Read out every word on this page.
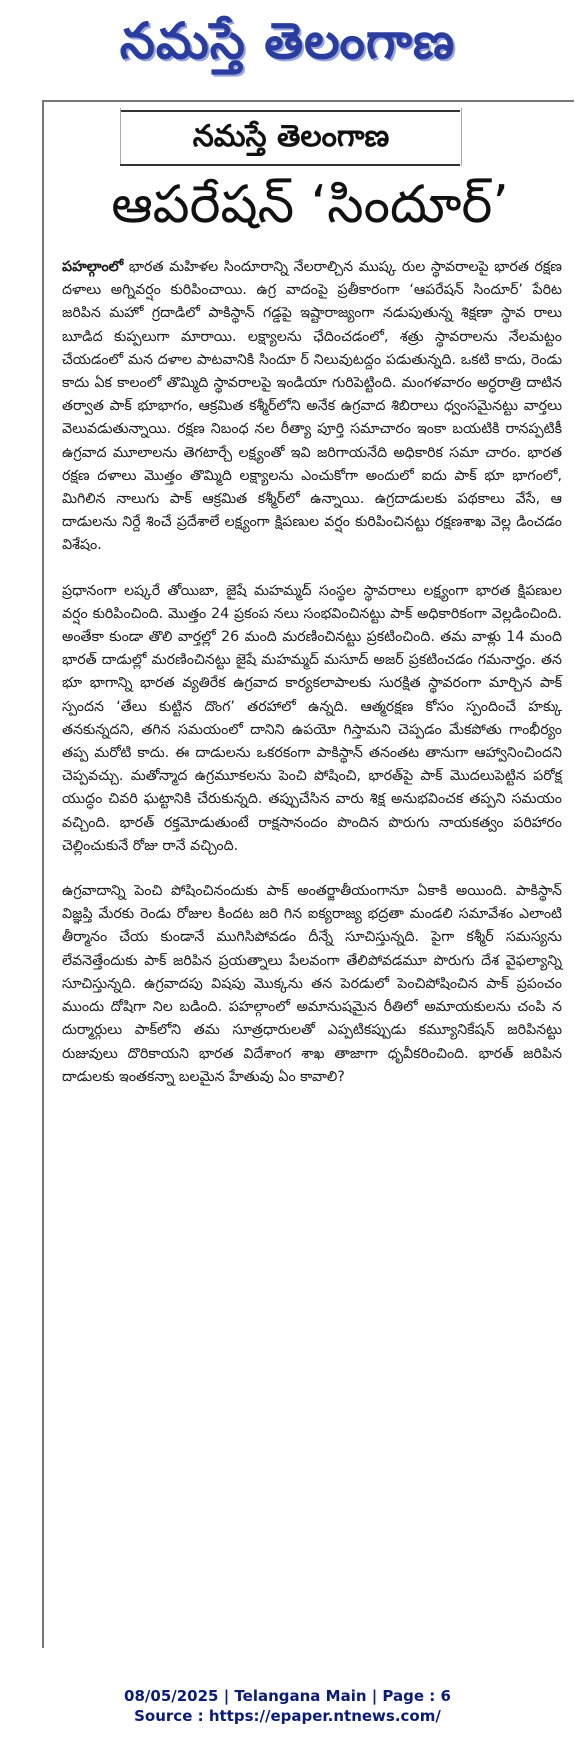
నమస్తే తెలంగాణ
నమస్తే తెలంగాణ
ఆపరేషన్ ‘సిందూర్’

పహల్గాంలో భారత మహిళల సిందూరాన్ని నేలరాల్చిన ముష్క రుల స్థావరాలపై భారత రక్షణ దళాలు అగ్నివర్షం కురిపించాయి. ఉగ్ర వాదంపై ప్రతీకారంగా ‘ఆపరేషన్ సిందూర్’ పేరిట జరిపిన మహో గ్రదాడిలో పాకిస్థాన్ గడ్డపై ఇష్టారాజ్యంగా నడుపుతున్న శిక్షణా స్థావ రాలు బూడిద కుప్పలుగా మారాయి. లక్ష్యాలను ఛేదించడంలో, శత్రు స్థావరాలను నేలమట్టం చేయడంలో మన దళాల పాటవానికి సిందూ ర్ నిలువుటద్దం పడుతున్నది. ఒకటి కాదు, రెండు కాదు ఏక కాలంలో తొమ్మిది స్థావరాలపై ఇండియా గురిపెట్టింది. మంగళవారం అర్ధరాత్రి దాటిన తర్వాత పాక్ భూభాగం, ఆక్రమిత కశ్మీర్‌లోని అనేక ఉగ్రవాద శిబిరాలు ధ్వంసమైనట్టు వార్తలు వెలువడుతున్నాయి. రక్షణ నిబంధ నల రీత్యా పూర్తి సమాచారం ఇంకా బయటికి రానప్పటికీ ఉగ్రవాద మూలాలను తెగటార్చే లక్ష్యంతో ఇవి జరిగాయనేది అధికారిక సమా చారం. భారత రక్షణ దళాలు మొత్తం తొమ్మిది లక్ష్యాలను ఎంచుకోగా అందులో ఐదు పాక్ భూ భాగంలో, మిగిలిన నాలుగు పాక్ ఆక్రమిత కశ్మీర్‌లో ఉన్నాయి. ఉగ్రదాడులకు పథకాలు వేసే, ఆ దాడులను నిర్దే శించే ప్రదేశాలే లక్ష్యంగా క్షిపణుల వర్షం కురిపించినట్టు రక్షణశాఖ వెల్ల డించడం విశేషం.

ప్రధానంగా లష్కరే తోయిబా, జైషే మహమ్మద్ సంస్థల స్థావరాలు లక్ష్యంగా భారత క్షిపణుల వర్షం కురిపించింది. మొత్తం 24 ప్రకంప నలు సంభవించినట్టు పాక్ అధికారికంగా వెల్లడించింది. అంతేకా కుండా తొలి వార్తల్లో 26 మంది మరణించినట్టు ప్రకటించింది. తమ వాళ్లు 14 మంది భారత్ దాడుల్లో మరణించినట్టు జైషే మహమ్మద్ మసూద్ అజర్ ప్రకటించడం గమనార్హం. తన భూ భాగాన్ని భారత వ్యతిరేక ఉగ్రవాద కార్యకలాపాలకు సురక్షిత స్థావరంగా మార్చిన పాక్ స్పందన ‘తేలు కుట్టిన దొంగ’ తరహాలో ఉన్నది. ఆత్మరక్షణ కోసం స్పందించే హక్కు తనకున్నదని, తగిన సమయంలో దానిని ఉపయో గిస్తామని చెప్పడం మేకపోతు గాంభీర్యం తప్ప మరోటి కాదు. ఈ దాడులను ఒకరకంగా పాకిస్థాన్ తనంతట తానుగా ఆహ్వానించిందని చెప్పవచ్చు. మతోన్మాద ఉగ్రమూకలను పెంచి పోషించి, భారత్‌పై పాక్ మొదలుపెట్టిన పరోక్ష యుద్ధం చివరి ఘట్టానికి చేరుకున్నది. తప్పుచేసిన వారు శిక్ష అనుభవించక తప్పని సమయం వచ్చింది. భారత్ రక్తమోడుతుంటే రాక్షసానందం పొందిన పొరుగు నాయకత్వం పరిహారం చెల్లించుకునే రోజు రానే వచ్చింది.

ఉగ్రవాదాన్ని పెంచి పోషించినందుకు పాక్ అంతర్జాతీయంగానూ ఏకాకి అయింది. పాకిస్థాన్ విజ్ఞప్తి మేరకు రెండు రోజుల కిందట జరి గిన ఐక్యరాజ్య భద్రతా మండలి సమావేశం ఎలాంటి తీర్మానం చేయ కుండానే ముగిసిపోవడం దీన్నే సూచిస్తున్నది. పైగా కశ్మీర్ సమస్యను లేవనెత్తేందుకు పాక్ జరిపిన ప్రయత్నాలు పేలవంగా తేలిపోవడమూ పొరుగు దేశ వైఫల్యాన్ని సూచిస్తున్నది. ఉగ్రవాదపు విషపు మొక్కను తన పెరడులో పెంచిపోషించిన పాక్ ప్రపంచం ముందు దోషిగా నిల బడింది. పహల్గాంలో అమానుషమైన రీతిలో అమాయకులను చంపి న దుర్మార్గులు పాక్‌లోని తమ సూత్రధారులతో ఎప్పటికప్పుడు కమ్యూనికేషన్ జరిపినట్టు రుజువులు దొరికాయని భారత విదేశాంగ శాఖ తాజాగా ధృవీకరించింది. భారత్ జరిపిన దాడులకు ఇంతకన్నా బలమైన హేతువు ఏం కావాలి?

08/05/2025 | Telangana Main | Page : 6
Source : https://epaper.ntnews.com/
